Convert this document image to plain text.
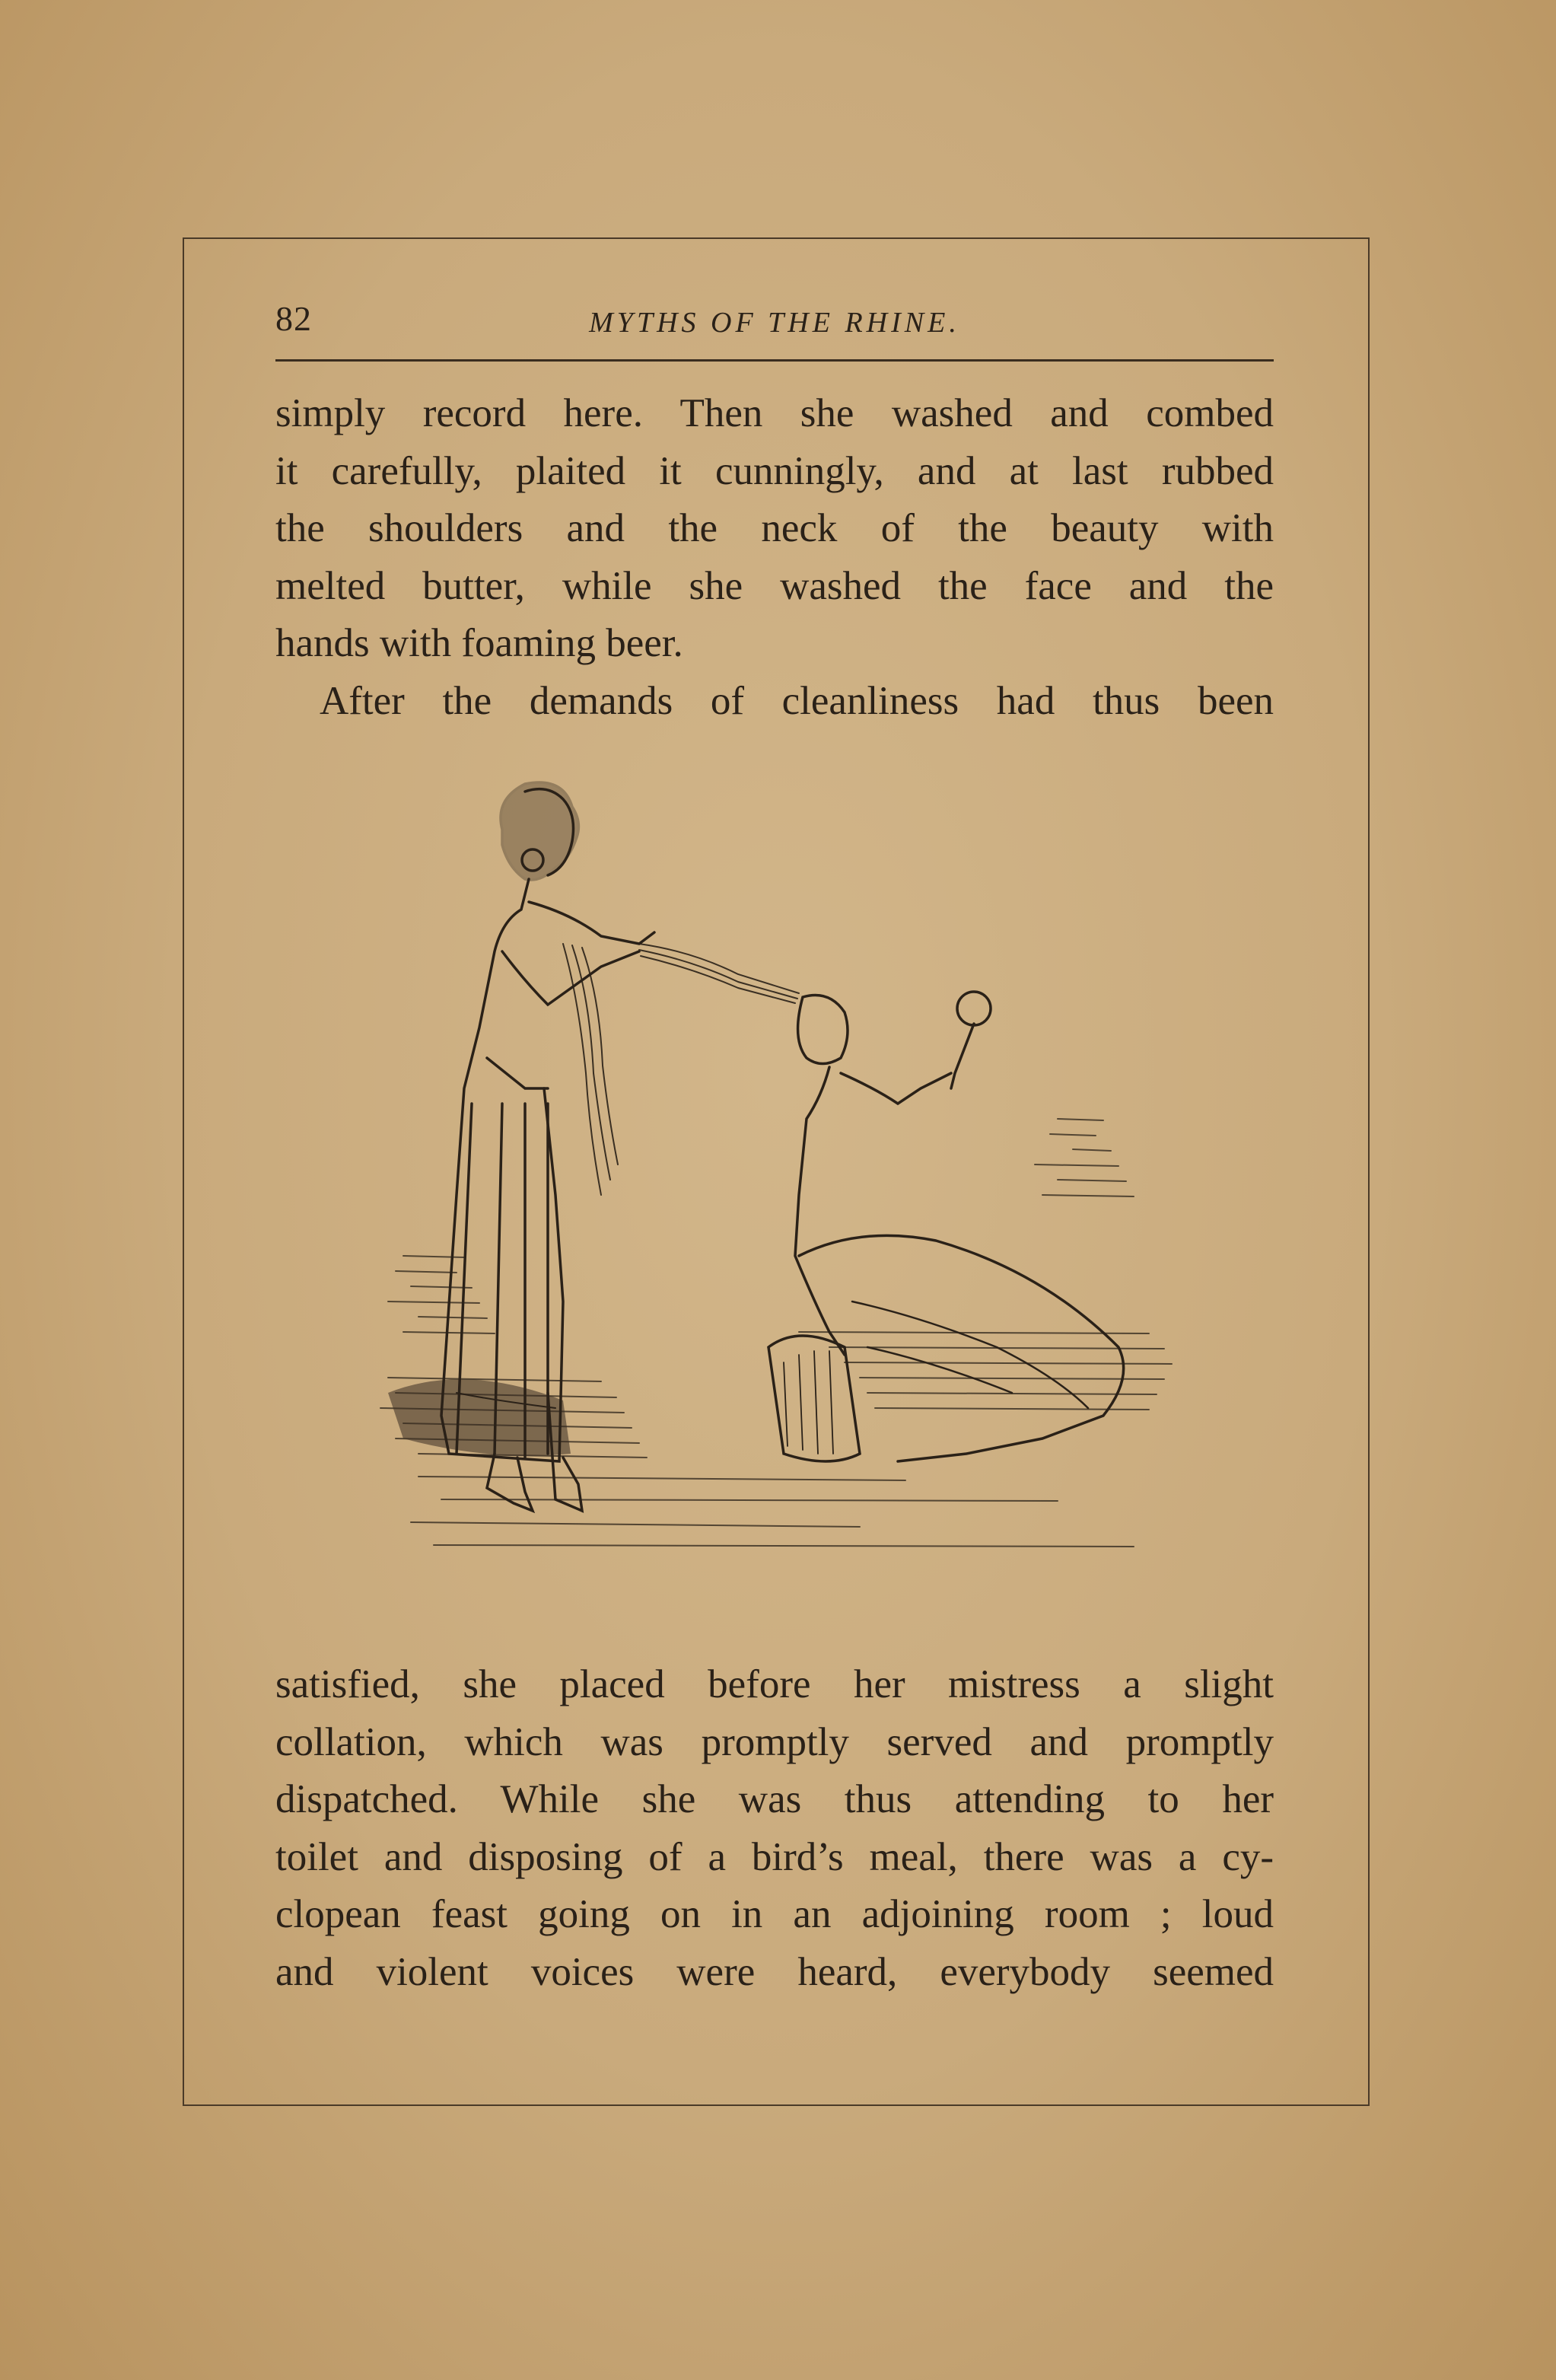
82	MYTHS OF THE RHINE.

simply record here. Then she washed and combed

it carefully, plaited it cunningly, and at last rubbed

the shoulders and the neck of the beauty with

melted butter, while she washed the face and the

hands with foaming beer.

After the demands of cleanliness had thus been

satisfied, she placed before her mistress a slight

collation, which was promptly served and promptly

dispatched. While she was thus attending to her

toilet and disposing of a bird’s meal, there was a cy-

clopean feast going on in an adjoining room ; loud

and violent voices were heard, everybody seemed
